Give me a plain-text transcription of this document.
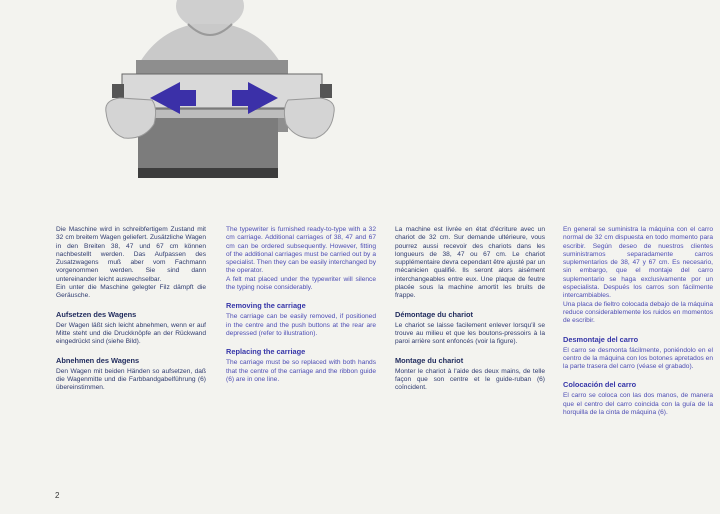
Die Maschine wird in schreibfertigem Zustand mit 32 cm breitem Wagen geliefert. Zusätzliche Wagen in den Breiten 38, 47 und 67 cm können nachbestellt werden. Das Aufpassen des Zusatzwagens muß aber vom Fachmann vorgenommen werden. Sie sind dann untereinander leicht auswechselbar.

Ein unter die Maschine gelegter Filz dämpft die Geräusche.

Aufsetzen des Wagens

Der Wagen läßt sich leicht abnehmen, wenn er auf Mitte steht und die Druckknöpfe an der Rückwand eingedrückt sind (siehe Bild).

Abnehmen des Wagens

Den Wagen mit beiden Händen so aufsetzen, daß die Wagenmitte und die Farbbandgabelführung (6) übereinstimmen.

The typewriter is furnished ready-to-type with a 32 cm carriage. Additional carriages of 38, 47 and 67 cm can be ordered subsequently. However, fitting of the additional carriages must be carried out by a specialist. Then they can be easily interchanged by the operator.

A felt mat placed under the typewriter will silence the typing noise considerably.

Removing the carriage

The carriage can be easily removed, if positioned in the centre and the push buttons at the rear are depressed (refer to illustration).

Replacing the carriage

The carriage must be so replaced with both hands that the centre of the carriage and the ribbon guide (6) are in one line.

La machine est livrée en état d'écriture avec un chariot de 32 cm. Sur demande ultérieure, vous pourrez aussi recevoir des chariots dans les longueurs de 38, 47 ou 67 cm. Le chariot supplémentaire devra cependant être ajusté par un mécanicien qualifié. Ils seront alors aisément interchangeables entre eux. Une plaque de feutre placée sous la machine amortit les bruits de frappe.

Démontage du chariot

Le chariot se laisse facilement enlever lorsqu'il se trouve au milieu et que les boutons-pressoirs à la paroi arrière sont enfoncés (voir la figure).

Montage du chariot

Monter le chariot à l'aide des deux mains, de telle façon que son centre et le guide-ruban (6) coïncident.

En general se suministra la máquina con el carro normal de 32 cm dispuesta en todo momento para escribir. Según deseo de nuestros clientes suministramos separadamente carros suplementarios de 38, 47 y 67 cm. Es necesario, sin embargo, que el montaje del carro suplementario se haga exclusivamente por un especialista. Después los carros son fácilmente intercambiables.

Una placa de fieltro colocada debajo de la máquina reduce considerablemente los ruidos en momentos de escribir.

Desmontaje del carro

El carro se desmonta fácilmente, poniéndolo en el centro de la máquina con los botones apretados en la parte trasera del carro (véase el grabado).

Colocación del carro

El carro se coloca con las dos manos, de manera que el centro del carro coincida con la guía de la horquilla de la cinta de máquina (6).

2
